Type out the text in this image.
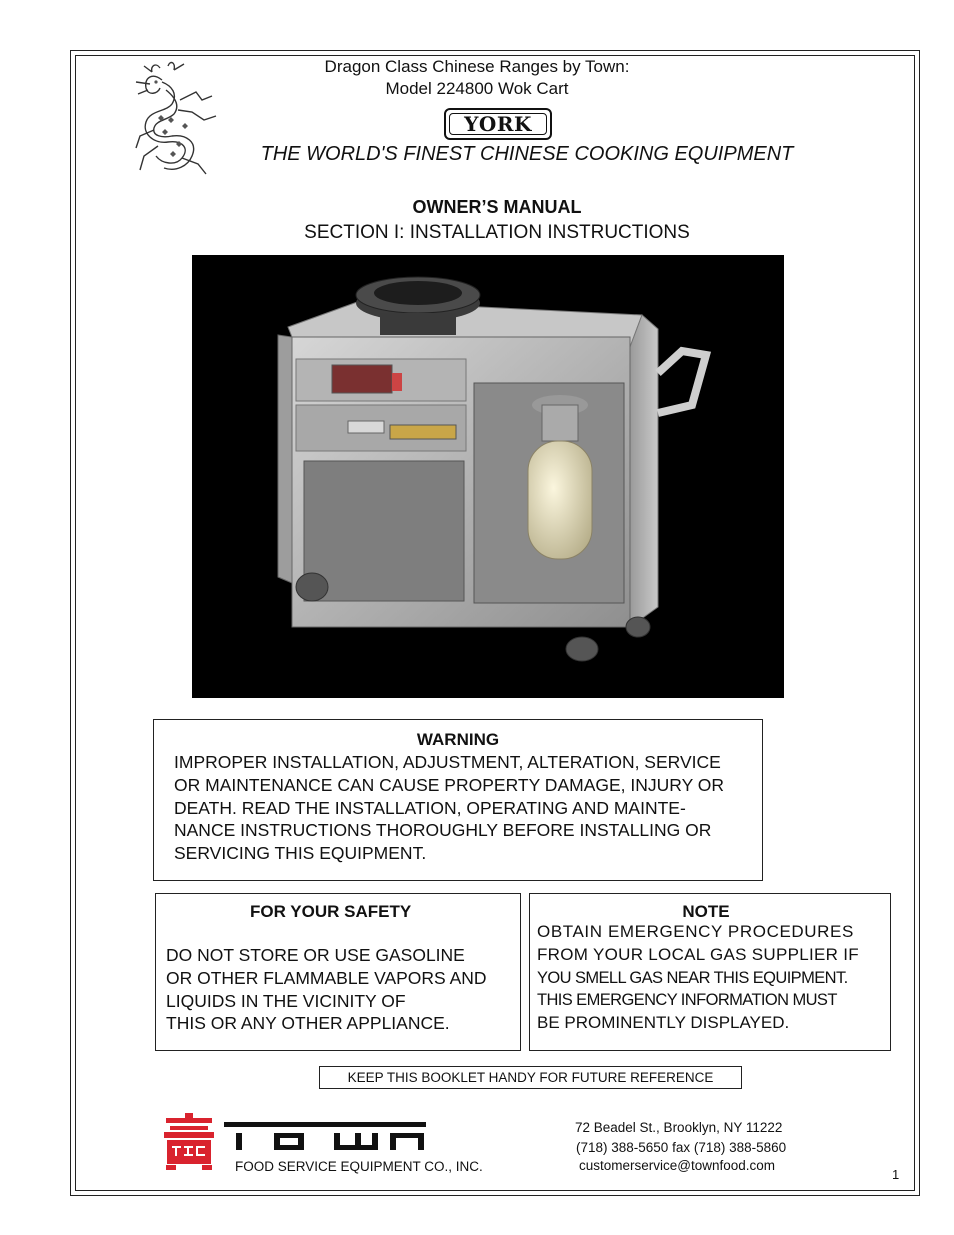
Dragon Class Chinese Ranges by Town:
Model 224800 Wok Cart
YORK
THE WORLD'S FINEST CHINESE COOKING EQUIPMENT
OWNER’S MANUAL
SECTION I: INSTALLATION INSTRUCTIONS
WARNING
IMPROPER INSTALLATION, ADJUSTMENT, ALTERATION, SERVICE
OR MAINTENANCE CAN CAUSE PROPERTY DAMAGE, INJURY OR
DEATH. READ THE INSTALLATION, OPERATING AND MAINTE-
NANCE INSTRUCTIONS THOROUGHLY BEFORE INSTALLING OR
SERVICING THIS EQUIPMENT.
FOR YOUR SAFETY
DO NOT STORE OR USE GASOLINE
OR OTHER FLAMMABLE VAPORS AND
LIQUIDS IN THE VICINITY OF
THIS OR ANY OTHER APPLIANCE.
NOTE
OBTAIN EMERGENCY PROCEDURES
FROM YOUR LOCAL GAS SUPPLIER IF
YOU SMELL GAS NEAR THIS EQUIPMENT.
THIS EMERGENCY INFORMATION MUST
BE PROMINENTLY DISPLAYED.
KEEP THIS BOOKLET HANDY FOR FUTURE REFERENCE
FOOD SERVICE EQUIPMENT CO., INC.
72 Beadel St., Brooklyn, NY 11222
(718) 388-5650 fax (718) 388-5860
customerservice@townfood.com
1
